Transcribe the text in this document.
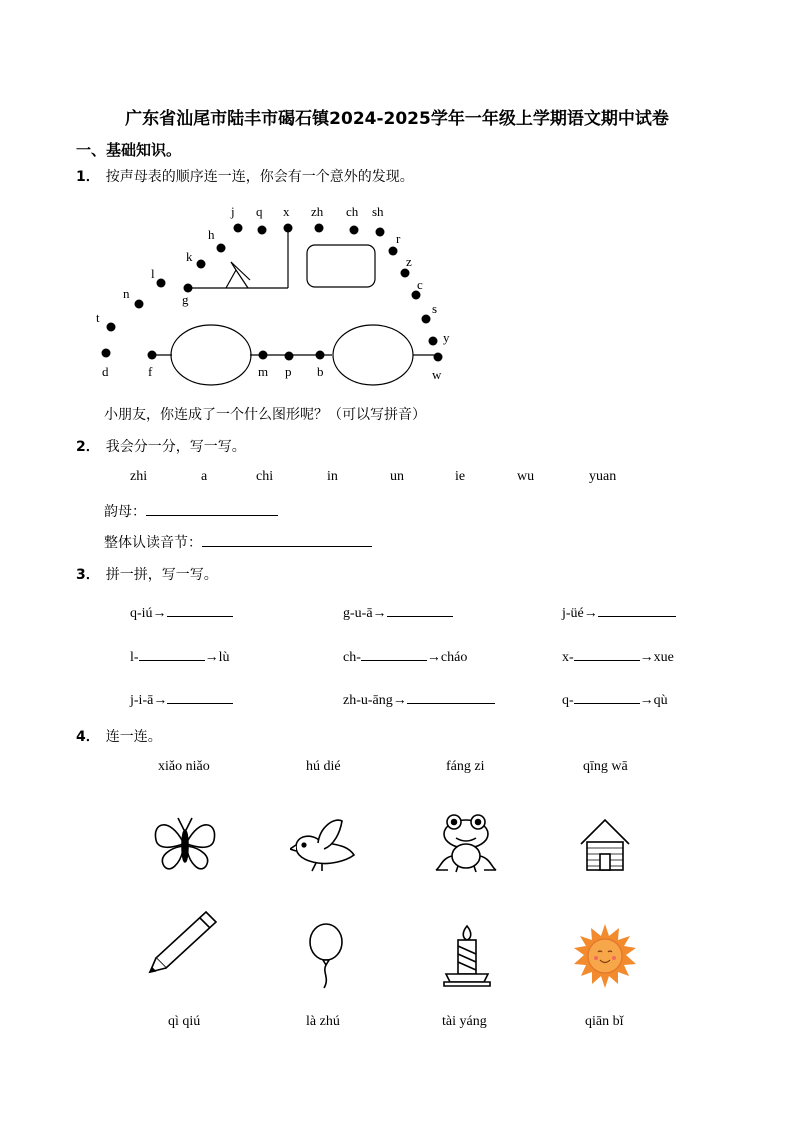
广东省汕尾市陆丰市碣石镇2024-2025学年一年级上学期语文期中试卷
一、基础知识。
1． 按声母表的顺序连一连，你会有一个意外的发现。
j q x zh ch sh
h	r
k	z
l
c
n	g
s
t
y
d	f	m p b	w
小朋友，你连成了一个什么图形呢？（可以写拼音）
2． 我会分一分，写一写。
zhi	a	chi	in	un	ie	wu	yuan
韵母：
整体认读音节：
3． 拼一拼，写一写。
q-iú→	g-u-ā→	j-üé→
l-	→lù	ch-	→cháo	x-	→xue
j-i-ā→	zh-u-āng→	q-	→qù
4． 连一连。
xiǎo niǎo	hú dié	fáng zi	qīng wā
qì qiú	là zhú	tài yáng	qiān bǐ
